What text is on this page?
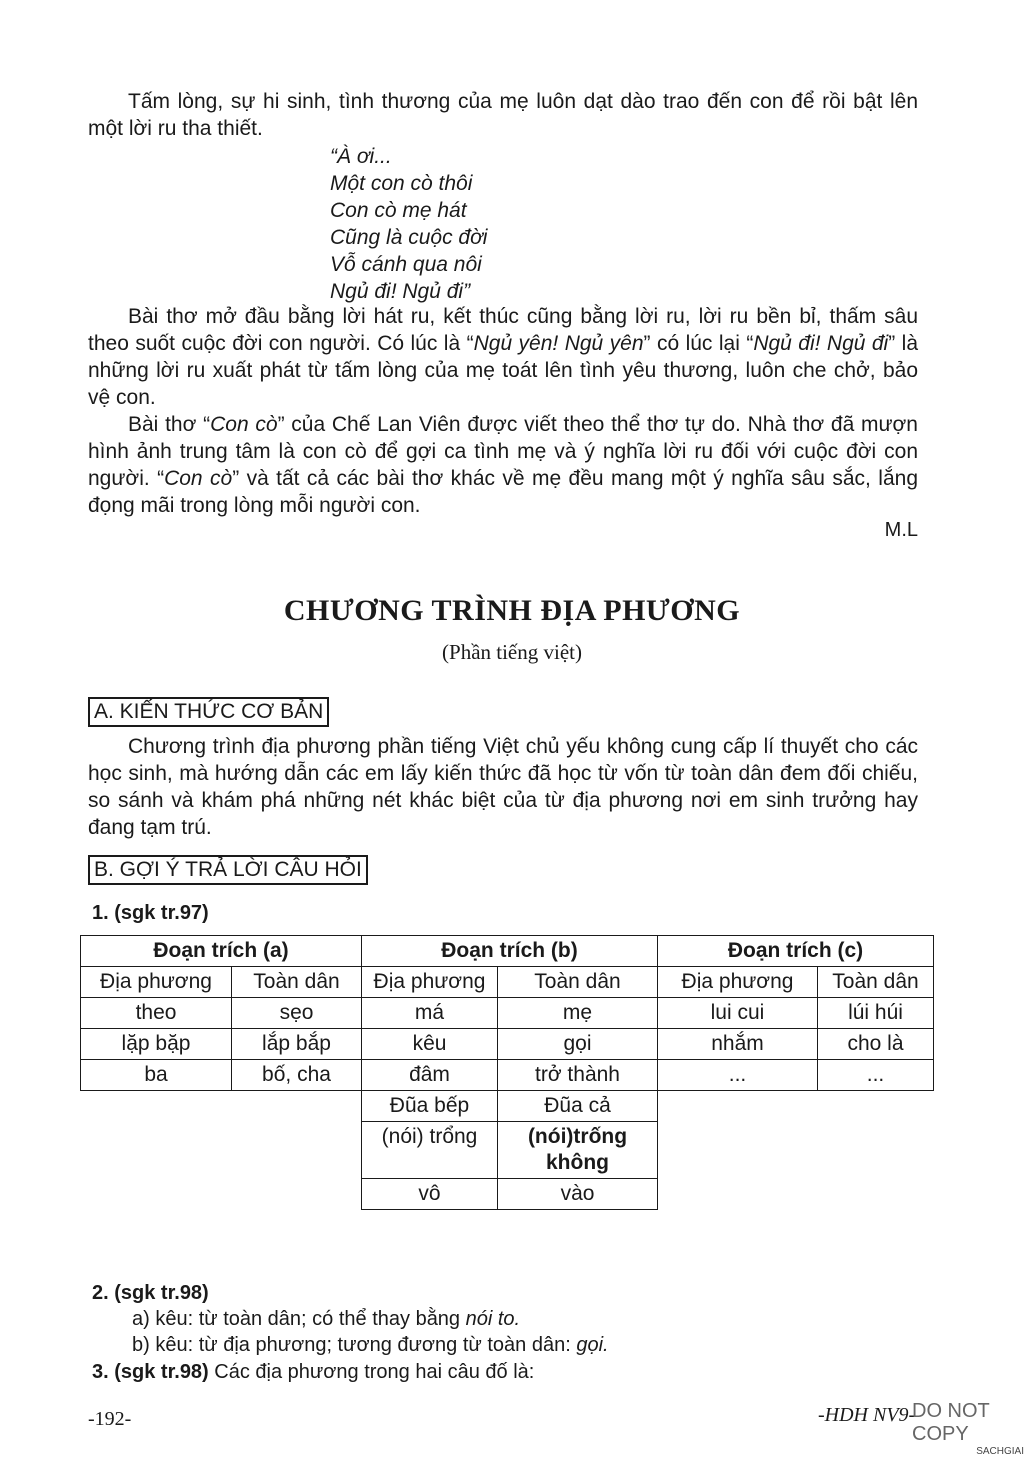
Tấm lòng, sự hi sinh, tình thương của mẹ luôn dạt dào trao đến con để rồi bật lên một lời ru tha thiết.

“À ơi...
Một con cò thôi
Con cò mẹ hát
Cũng là cuộc đời
Vỗ cánh qua nôi
Ngủ đi! Ngủ đi”

Bài thơ mở đầu bằng lời hát ru, kết thúc cũng bằng lời ru, lời ru bền bỉ, thấm sâu theo suốt cuộc đời con người. Có lúc là “Ngủ yên! Ngủ yên” có lúc lại “Ngủ đi! Ngủ đi” là những lời ru xuất phát từ tấm lòng của mẹ toát lên tình yêu thương, luôn che chở, bảo vệ con.

Bài thơ “Con cò” của Chế Lan Viên được viết theo thể thơ tự do. Nhà thơ đã mượn hình ảnh trung tâm là con cò để gợi ca tình mẹ và ý nghĩa lời ru đối với cuộc đời con người. “Con cò” và tất cả các bài thơ khác về mẹ đều mang một ý nghĩa sâu sắc, lắng đọng mãi trong lòng mỗi người con.

M.L
CHƯƠNG TRÌNH ĐỊA PHƯƠNG
(Phần tiếng việt)
A. KIẾN THỨC CƠ BẢN

Chương trình địa phương phần tiếng Việt chủ yếu không cung cấp lí thuyết cho các học sinh, mà hướng dẫn các em lấy kiến thức đã học từ vốn từ toàn dân đem đối chiếu, so sánh và khám phá những nét khác biệt của từ địa phương nơi em sinh trưởng hay đang tạm trú.

B. GỢI Ý TRẢ LỜI CÂU HỎI
1. (sgk tr.97)
Đoạn trích (a)		Đoạn trích (b)		Đoạn trích (c)	
Địa phương	Toàn dân	Địa phương	Toàn dân	Địa phương	Toàn dân
theo	sẹo	má	mẹ	lui cui	lúi húi
lặp bặp	lắp bắp	kêu	gọi	nhắm	cho là
ba	bố, cha	đâm	trở thành	...	...
		Đũa bếp	Đũa cả		
		(nói) trổng	(nói)trống không		
		vô	vào		
2. (sgk tr.98)
a) kêu: từ toàn dân; có thể thay bằng nói to.
b) kêu: từ địa phương; tương đương từ toàn dân: gọi.
3. (sgk tr.98) Các địa phương trong hai câu đố là:
-192-	-HDH NV9-
DO NOT COPY
SACHGIAI
